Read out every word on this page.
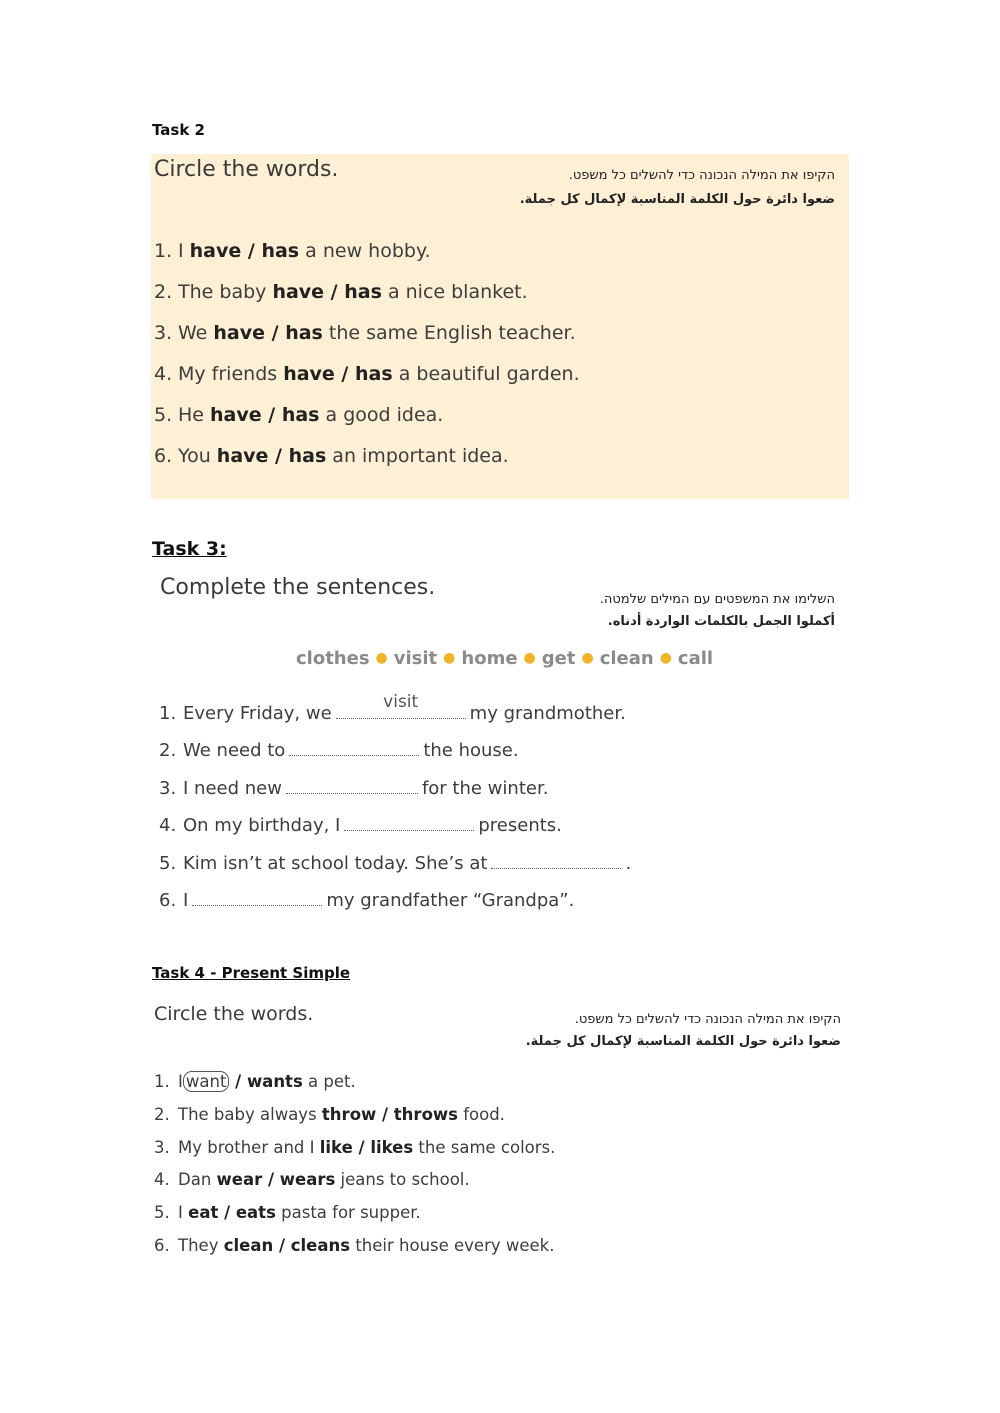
Task 2
Circle the words.	הקיפו את המילה הנכונה כדי להשלים כל משפט.
ضعوا دائرة حول الكلمة المناسبة لإكمال كل جملة.
1. I have / has a new hobby.
2. The baby have / has a nice blanket.
3. We have / has the same English teacher.
4. My friends have / has a beautiful garden.
5. He have / has a good idea.
6. You have / has an important idea.
Task 3:
Complete the sentences.	השלימו את המשפטים עם המילים שלמטה.
أكملوا الجمل بالكلمات الواردة أدناه.
clothes ● visit ● home ● get ● clean ● call
1. Every Friday, we
visit
my grandmother.
2. We need to	the house.
3. I need new	for the winter.
4. On my birthday, I	presents.
5. Kim isn’t at school today. She’s at	.
6. I	my grandfather “Grandpa”.
Task 4 - Present Simple
Circle the words.	הקיפו את המילה הנכונה כדי להשלים כל משפט.
ضعوا دائرة حول الكلمة المناسبة لإكمال كل جملة.
1. I want / wants a pet.
2. The baby always throw / throws food.
3. My brother and I like / likes the same colors.
4. Dan wear / wears jeans to school.
5. I eat / eats pasta for supper.
6. They clean / cleans their house every week.
